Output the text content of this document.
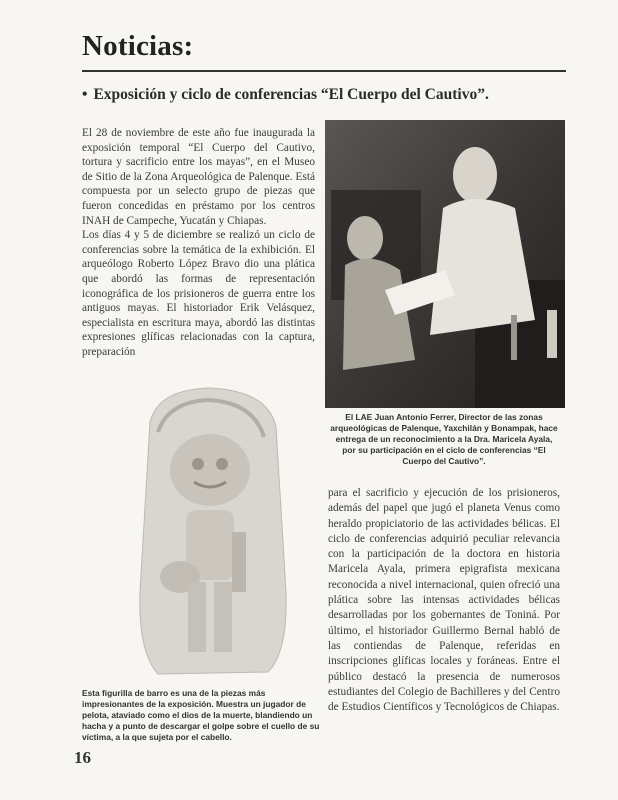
Noticias:
• Exposición y ciclo de conferencias “El Cuerpo del Cautivo”.

El 28 de noviembre de este año fue inaugurada la exposición temporal “El Cuerpo del Cautivo, tortura y sacrificio entre los mayas”, en el Museo de Sitio de la Zona Arqueológica de Palenque. Está compuesta por un selecto grupo de piezas que fueron concedidas en préstamo por los centros INAH de Campeche, Yucatán y Chiapas.

Los días 4 y 5 de diciembre se realizó un ciclo de conferencias sobre la temática de la exhibición. El arqueólogo Roberto López Bravo dio una plática que abordó las formas de representación iconográfica de los prisioneros de guerra entre los antiguos mayas. El historiador Erik Velásquez, especialista en escritura maya, abordó las distintas expresiones glíficas relacionadas con la captura, preparación

El LAE Juan Antonio Ferrer, Director de las zonas arqueológicas de Palenque, Yaxchilán y Bonampak, hace entrega de un reconocimiento a la Dra. Maricela Ayala, por su participación en el ciclo de conferencias “El Cuerpo del Cautivo”.
Esta figurilla de barro es una de la piezas más impresionantes de la exposición. Muestra un jugador de pelota, ataviado como el dios de la muerte, blandiendo un hacha y a punto de descargar el golpe sobre el cuello de su víctima, a la que sujeta por el cabello.

para el sacrificio y ejecución de los prisioneros, además del papel que jugó el planeta Venus como heraldo propiciatorio de las actividades bélicas. El ciclo de conferencias adquirió peculiar relevancia con la participación de la doctora en historia Maricela Ayala, primera epigrafista mexicana reconocida a nivel internacional, quien ofreció una plática sobre las intensas actividades bélicas desarrolladas por los gobernantes de Toniná. Por último, el historiador Guillermo Bernal habló de las contiendas de Palenque, referidas en inscripciones glíficas locales y foráneas. Entre el público destacó la presencia de numerosos estudiantes del Colegio de Bachilleres y del Centro de Estudios Científicos y Tecnológicos de Chiapas.

16
